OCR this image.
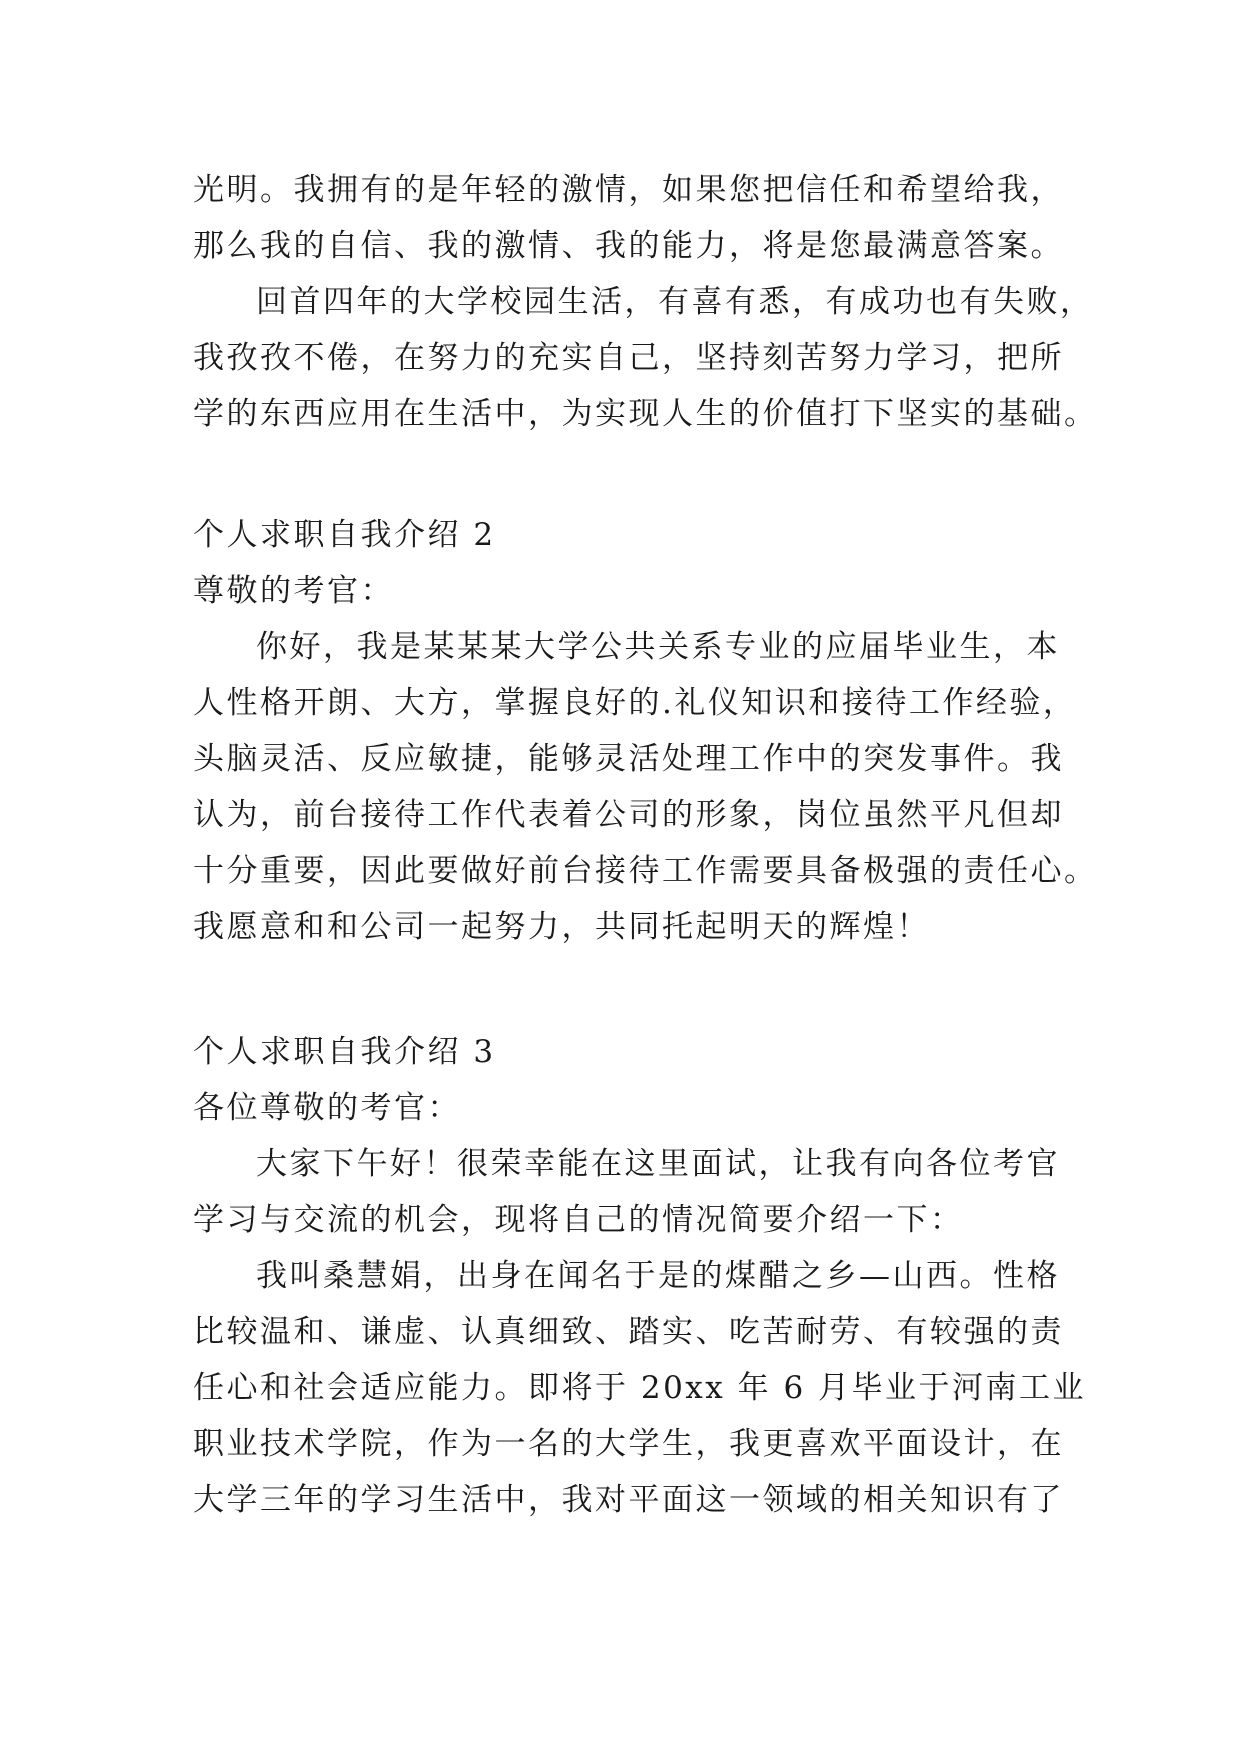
光明。我拥有的是年轻的激情，如果您把信任和希望给我，
那么我的自信、我的激情、我的能力，将是您最满意答案。
回首四年的大学校园生活，有喜有悉，有成功也有失败，
我孜孜不倦，在努力的充实自己，坚持刻苦努力学习，把所
学的东西应用在生活中，为实现人生的价值打下坚实的基础。
个人求职自我介绍 2
尊敬的考官：
你好，我是某某某大学公共关系专业的应届毕业生，本
人性格开朗、大方，掌握良好的.礼仪知识和接待工作经验，
头脑灵活、反应敏捷，能够灵活处理工作中的突发事件。我
认为，前台接待工作代表着公司的形象，岗位虽然平凡但却
十分重要，因此要做好前台接待工作需要具备极强的责任心。
我愿意和和公司一起努力，共同托起明天的辉煌！
个人求职自我介绍 3
各位尊敬的考官：
大家下午好！很荣幸能在这里面试，让我有向各位考官
学习与交流的机会，现将自己的情况简要介绍一下：
我叫桑慧娟，出身在闻名于是的煤醋之乡—山西。性格
比较温和、谦虚、认真细致、踏实、吃苦耐劳、有较强的责
任心和社会适应能力。即将于 20xx 年 6 月毕业于河南工业
职业技术学院，作为一名的大学生，我更喜欢平面设计，在
大学三年的学习生活中，我对平面这一领域的相关知识有了
